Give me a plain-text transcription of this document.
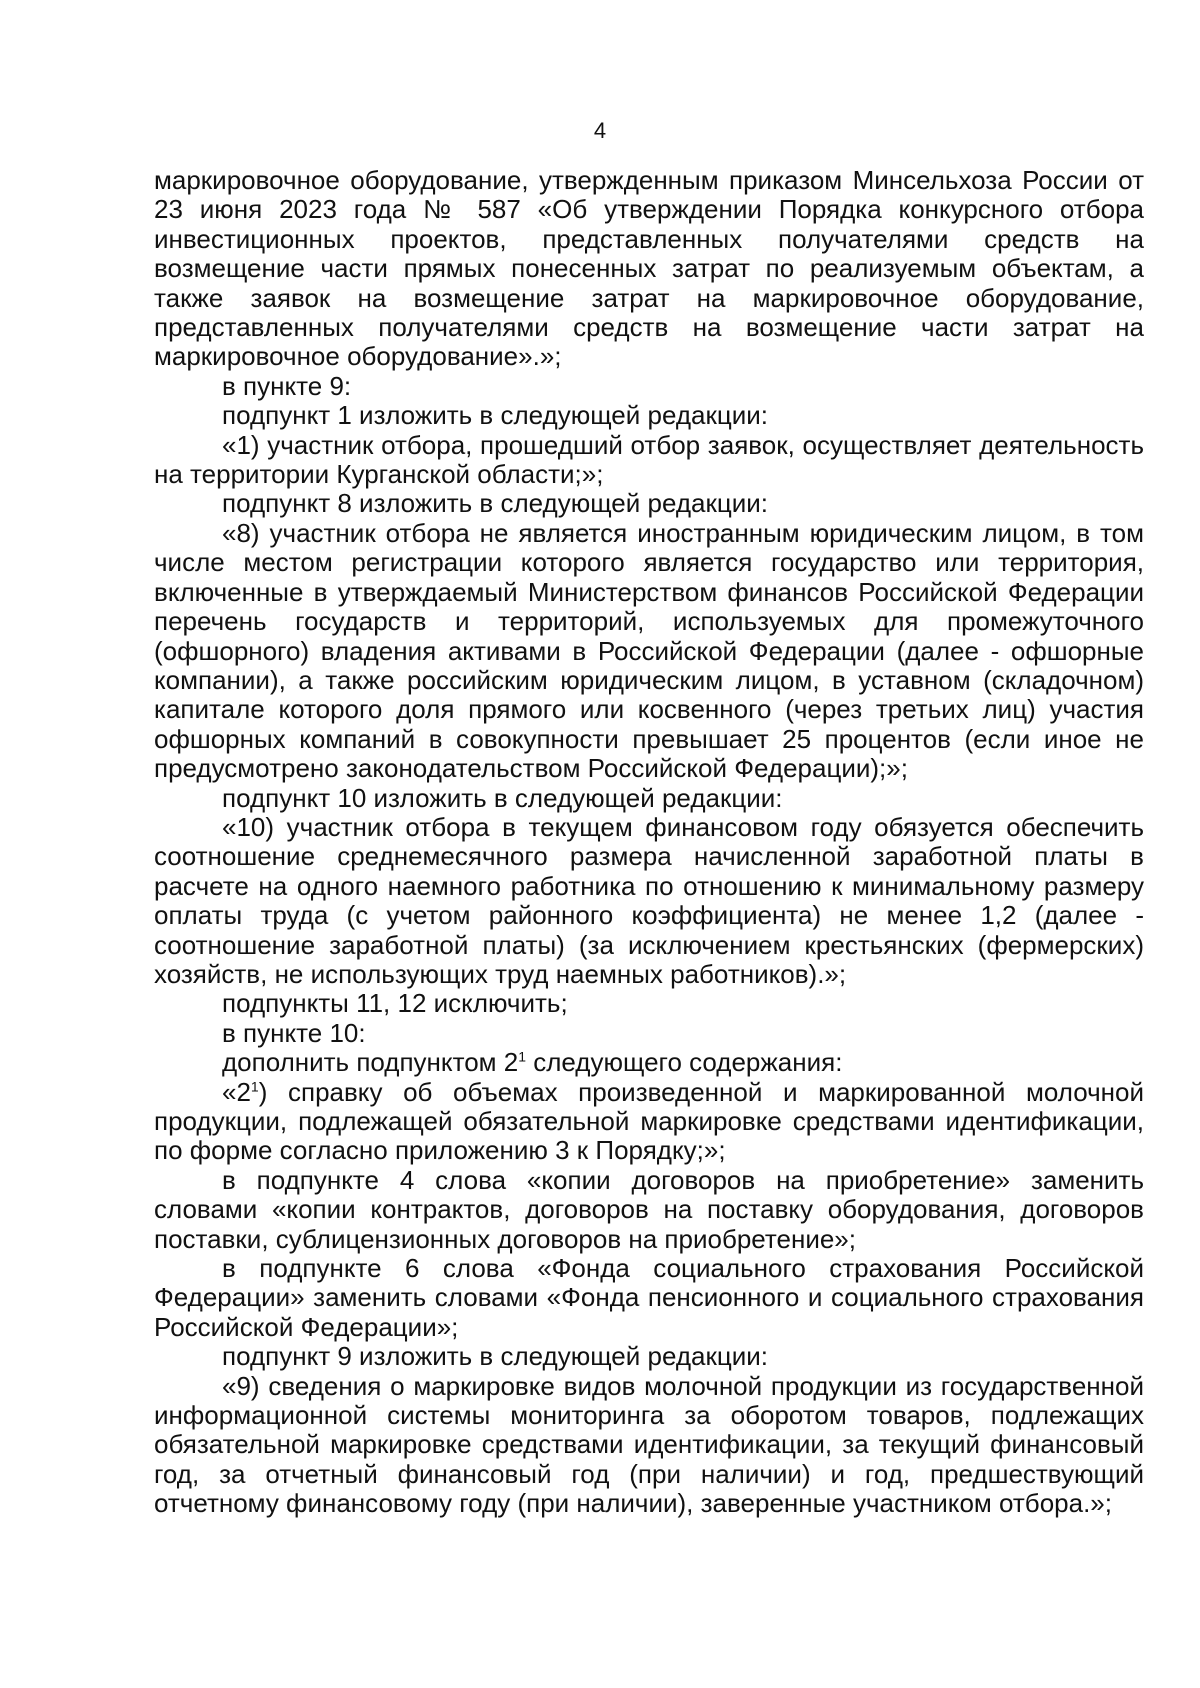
4

маркировочное оборудование, утвержденным приказом Минсельхоза России от 23 июня 2023 года № 587 «Об утверждении Порядка конкурсного отбора инвестиционных проектов, представленных получателями средств на возмещение части прямых понесенных затрат по реализуемым объектам, а также заявок на возмещение затрат на маркировочное оборудование, представленных получателями средств на возмещение части затрат на маркировочное оборудование».»;

в пункте 9:

подпункт 1 изложить в следующей редакции:

«1) участник отбора, прошедший отбор заявок, осуществляет деятельность на территории Курганской области;»;

подпункт 8 изложить в следующей редакции:

«8) участник отбора не является иностранным юридическим лицом, в том числе местом регистрации которого является государство или территория, включенные в утверждаемый Министерством финансов Российской Федерации перечень государств и территорий, используемых для промежуточного (офшорного) владения активами в Российской Федерации (далее - офшорные компании), а также российским юридическим лицом, в уставном (складочном) капитале которого доля прямого или косвенного (через третьих лиц) участия офшорных компаний в совокупности превышает 25 процентов (если иное не предусмотрено законодательством Российской Федерации);»;

подпункт 10 изложить в следующей редакции:

«10) участник отбора в текущем финансовом году обязуется обеспечить соотношение среднемесячного размера начисленной заработной платы в расчете на одного наемного работника по отношению к минимальному размеру оплаты труда (с учетом районного коэффициента) не менее 1,2 (далее - соотношение заработной платы) (за исключением крестьянских (фермерских) хозяйств, не использующих труд наемных работников).»;

подпункты 11, 12 исключить;

в пункте 10:

дополнить подпунктом $2^1$ следующего содержания:

«$2^1$) справку об объемах произведенной и маркированной молочной продукции, подлежащей обязательной маркировке средствами идентификации, по форме согласно приложению 3 к Порядку;»;

в подпункте 4 слова «копии договоров на приобретение» заменить словами «копии контрактов, договоров на поставку оборудования, договоров поставки, сублицензионных договоров на приобретение»;

в подпункте 6 слова «Фонда социального страхования Российской Федерации» заменить словами «Фонда пенсионного и социального страхования Российской Федерации»;

подпункт 9 изложить в следующей редакции:

«9) сведения о маркировке видов молочной продукции из государственной информационной системы мониторинга за оборотом товаров, подлежащих обязательной маркировке средствами идентификации, за текущий финансовый год, за отчетный финансовый год (при наличии) и год, предшествующий отчетному финансовому году (при наличии), заверенные участником отбора.»;
